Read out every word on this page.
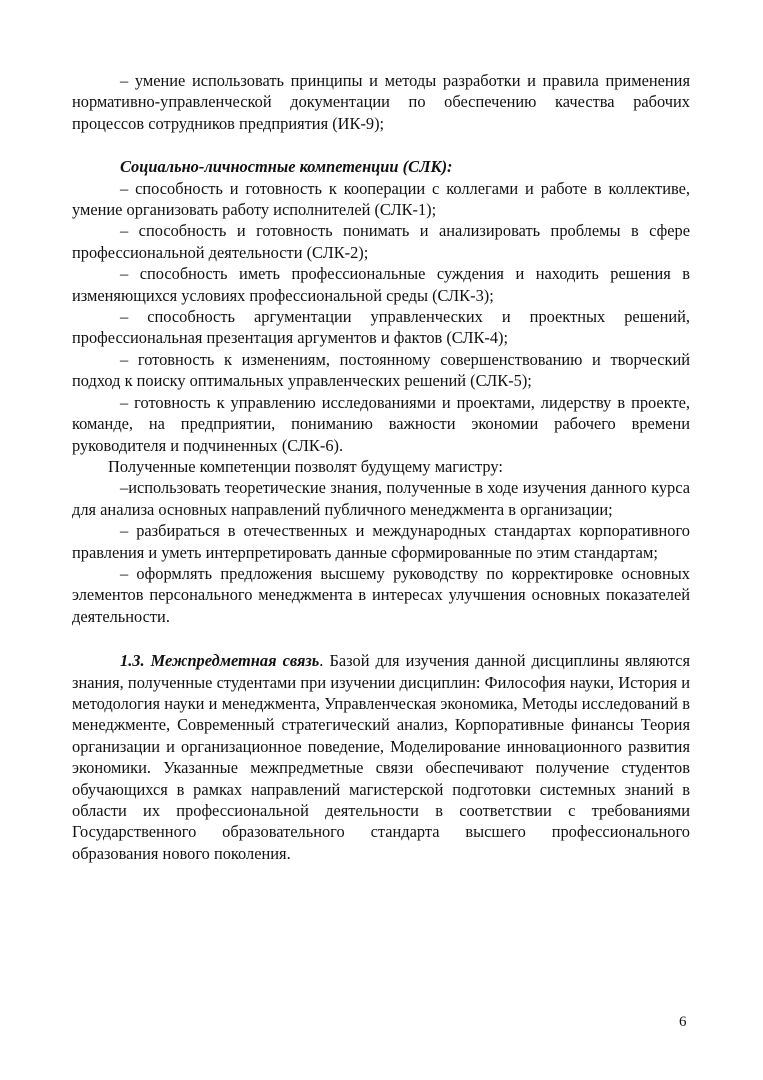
– умение использовать принципы и методы разработки и правила применения нормативно-управленческой документации по обеспечению качества рабочих процессов сотрудников предприятия (ИК-9);

Социально-личностные компетенции (СЛК):

– способность и готовность к кооперации с коллегами и работе в коллективе, умение организовать работу исполнителей (СЛК-1);

– способность и готовность понимать и анализировать проблемы в сфере профессиональной деятельности (СЛК-2);

– способность иметь профессиональные суждения и находить решения в изменяющихся условиях профессиональной среды (СЛК-3);

– способность аргументации управленческих и проектных решений, профессиональная презентация аргументов и фактов (СЛК-4);

– готовность к изменениям, постоянному совершенствованию и творческий подход к поиску оптимальных управленческих решений (СЛК-5);

– готовность к управлению исследованиями и проектами, лидерству в проекте, команде, на предприятии, пониманию важности экономии рабочего времени руководителя и подчиненных (СЛК-6).

Полученные компетенции позволят будущему магистру:

–использовать теоретические знания, полученные в ходе изучения данного курса для анализа основных направлений публичного менеджмента в организации;

– разбираться в отечественных и международных стандартах корпоративного правления и уметь интерпретировать данные сформированные по этим стандартам;

– оформлять предложения высшему руководству по корректировке основных элементов персонального менеджмента в интересах улучшения основных показателей деятельности.

1.3. Межпредметная связь. Базой для изучения данной дисциплины являются знания, полученные студентами при изучении дисциплин: Философия науки, История и методология науки и менеджмента, Управленческая экономика, Методы исследований в менеджменте, Современный стратегический анализ, Корпоративные финансы Теория организации и организационное поведение, Моделирование инновационного развития экономики. Указанные межпредметные связи обеспечивают получение студентов обучающихся в рамках направлений магистерской подготовки системных знаний в области их профессиональной деятельности в соответствии с требованиями Государственного образовательного стандарта высшего профессионального образования нового поколения.

6
